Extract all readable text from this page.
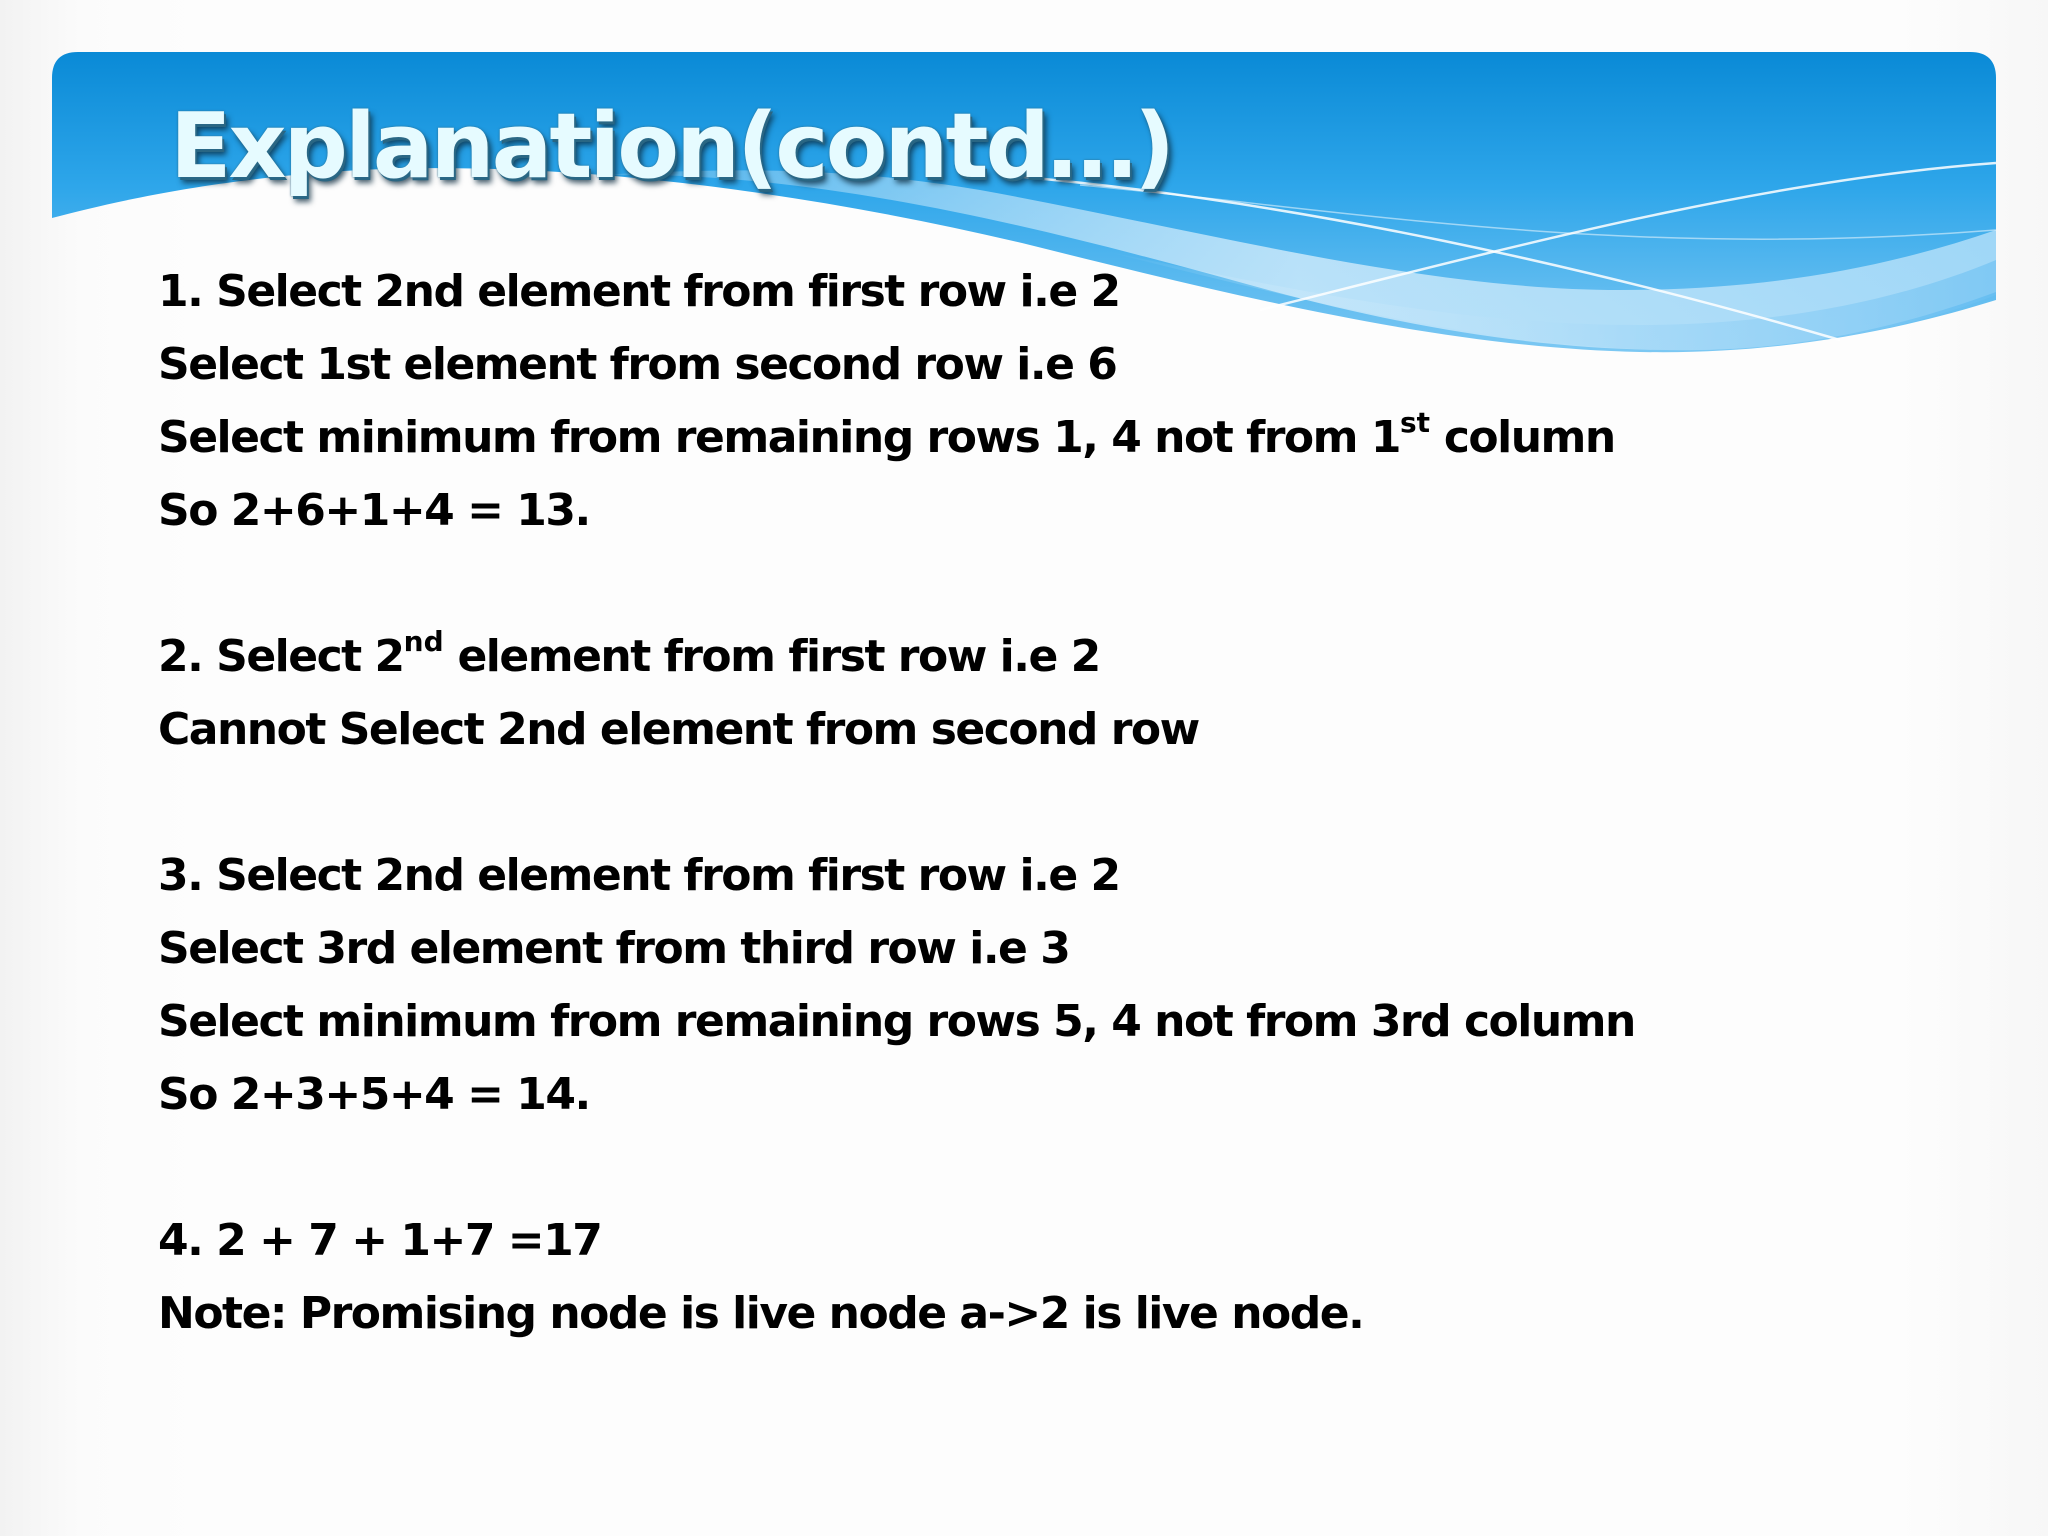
Explanation(contd…)
1. Select 2nd element from first row i.e 2
Select 1st element from second row i.e 6
Select minimum from remaining rows 1, 4 not from 1st column
So 2+6+1+4 = 13.
2. Select 2nd element from first row i.e 2
Cannot Select 2nd element from second row
3. Select 2nd element from first row i.e 2
Select 3rd element from third row i.e 3
Select minimum from remaining rows 5, 4 not from 3rd column
So 2+3+5+4 = 14.
4. 2 + 7 + 1+7 =17
Note: Promising node is live node a->2 is live node.
